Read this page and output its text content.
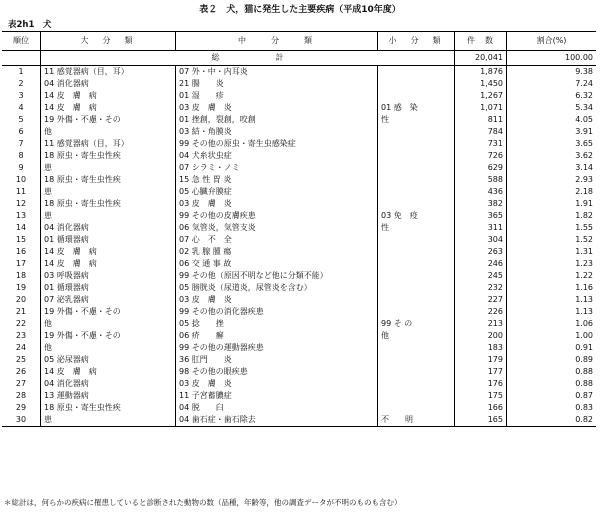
表２　犬，猫に発生した主要疾病（平成10年度）
表2h1　犬
順位	大　分　類	中　　分　　類	小　分　類	件　数	割合(%)
	総　　　　　　　計			20,041	100.00
1	11 感覚器病（目，耳）	07 外・中・内耳炎		1,876	9.38
2	04 消化器病	21 腸　　炎		1,450	7.24
3	14 皮　膚　病	01 湿　　疹		1,267	6.32
4	14 皮　膚　病	03 皮　膚　炎	01 感　染	1,071	5.34
5	19 外傷・不慮・その	01 挫創，裂創，咬創	性	811	4.05
6	他	03 結・角膜炎		784	3.91
7	11 感覚器病（目，耳）	99 その他の原虫・寄生虫感染症		731	3.65
8	18 原虫・寄生虫性疾	04 犬糸状虫症		726	3.62
9	患	07 シラミ・ノミ		629	3.14
10	18 原虫・寄生虫性疾	15 急 性 胃 炎		588	2.93
11	患	05 心臓弁膜症		436	2.18
12	18 原虫・寄生虫性疾	03 皮　膚　炎		382	1.91
13	患	99 その他の皮膚疾患	03 免　疫	365	1.82
14	04 消化器病	06 気管炎，気管支炎	性	311	1.55
15	01 循環器病	07 心　不　全		304	1.52
16	14 皮　膚　病	02 乳 腺 腫 瘍		263	1.31
17	14 皮　膚　病	06 交 通 事 故		246	1.23
18	03 呼吸器病	99 その他（原因不明など他に分類不能）		245	1.22
19	01 循環器病	05 膀胱炎（尿道炎，尿管炎を含む）		232	1.16
20	07 泌乳器病	03 皮　膚　炎		227	1.13
21	19 外傷・不慮・その	99 その他の消化器疾患		226	1.13
22	他	05 捻　　挫	99 そ の	213	1.06
23	19 外傷・不慮・その	06 疥　　癬	他	200	1.00
24	他	99 その他の運動器疾患		183	0.91
25	05 泌尿器病	36 肛門　　炎		179	0.89
26	14 皮　膚　病	98 その他の眼疾患		177	0.88
27	04 消化器病	03 皮　膚　炎		176	0.88
28	13 運動器病	11 子宮蓄膿症		175	0.87
29	18 原虫・寄生虫性疾	04 脱　　臼		166	0.83
30	患	04 歯石症・歯石除去	不　　明	165	0.82
＊総計は，何らかの疾病に罹患していると診断された動物の数（品種，年齢等，他の調査データが不明のものも含む）
